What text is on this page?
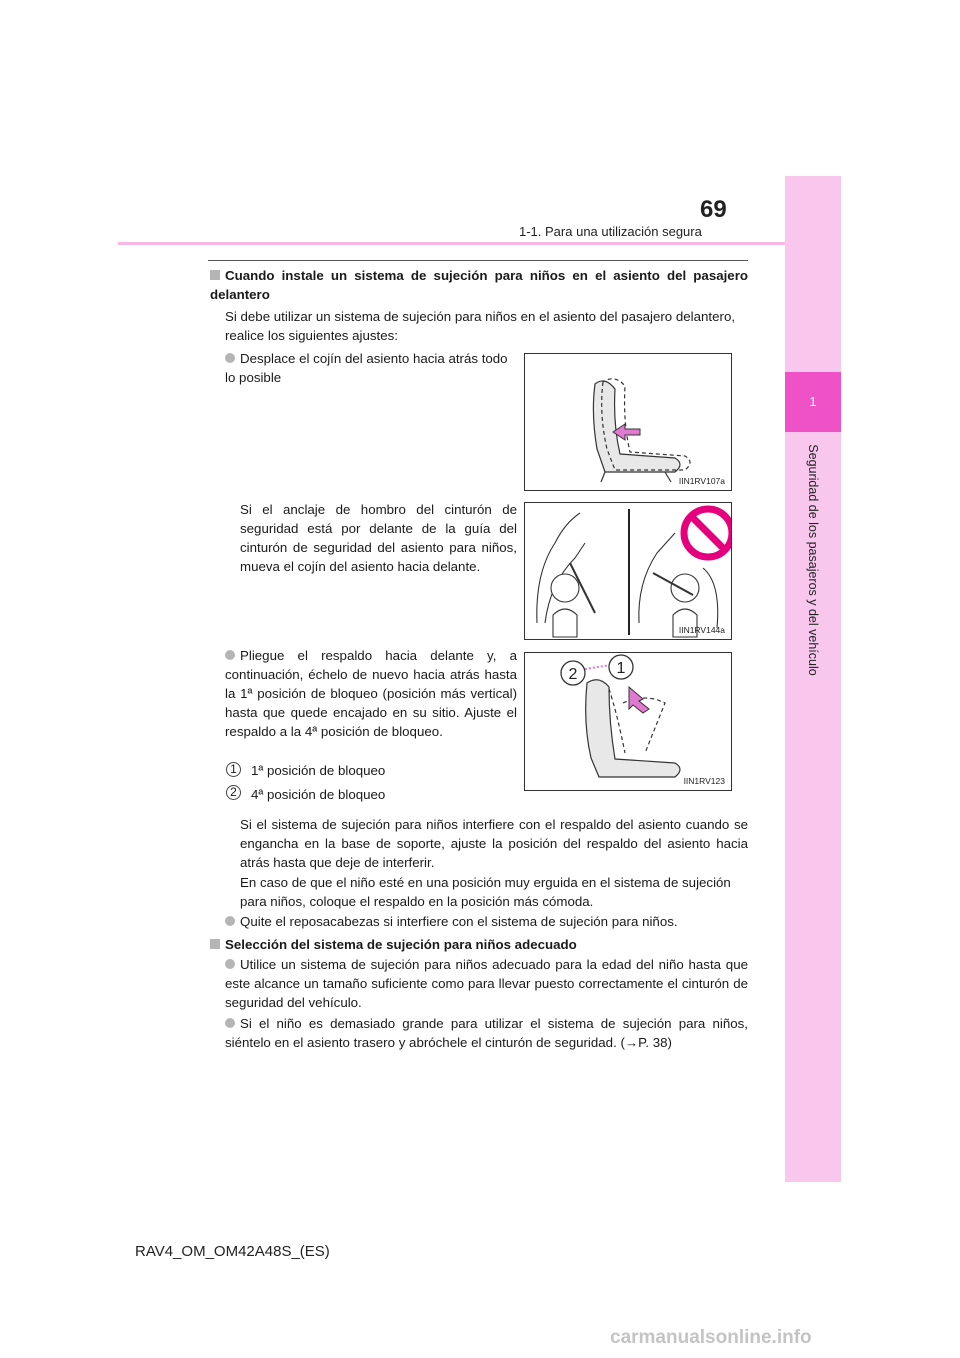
1
Seguridad de los pasajeros y del vehículo
1-1. Para una utilización segura
69
Cuando instale un sistema de sujeción para niños en el asiento del pasajero delantero
Si debe utilizar un sistema de sujeción para niños en el asiento del pasajero delantero, realice los siguientes ajustes:
Desplace el cojín del asiento hacia atrás todo lo posible
IIN1RV107a
Si el anclaje de hombro del cinturón de seguridad está por delante de la guía del cinturón de seguridad del asiento para niños, mueva el cojín del asiento hacia delante.
IIN1RV144a
Pliegue el respaldo hacia delante y, a continuación, échelo de nuevo hacia atrás hasta la 1ª posición de bloqueo (posición más vertical) hasta que quede encajado en su sitio. Ajuste el respaldo a la 4ª posición de bloqueo.
2 1
IIN1RV123
1	1ª posición de bloqueo
2	4ª posición de bloqueo
Si el sistema de sujeción para niños interfiere con el respaldo del asiento cuando se engancha en la base de soporte, ajuste la posición del respaldo del asiento hacia atrás hasta que deje de interferir.
En caso de que el niño esté en una posición muy erguida en el sistema de sujeción para niños, coloque el respaldo en la posición más cómoda.
Quite el reposacabezas si interfiere con el sistema de sujeción para niños.
Selección del sistema de sujeción para niños adecuado
Utilice un sistema de sujeción para niños adecuado para la edad del niño hasta que este alcance un tamaño suficiente como para llevar puesto correctamente el cinturón de seguridad del vehículo.
Si el niño es demasiado grande para utilizar el sistema de sujeción para niños, siéntelo en el asiento trasero y abróchele el cinturón de seguridad. (→P. 38)
RAV4_OM_OM42A48S_(ES)
carmanualsonline.info
